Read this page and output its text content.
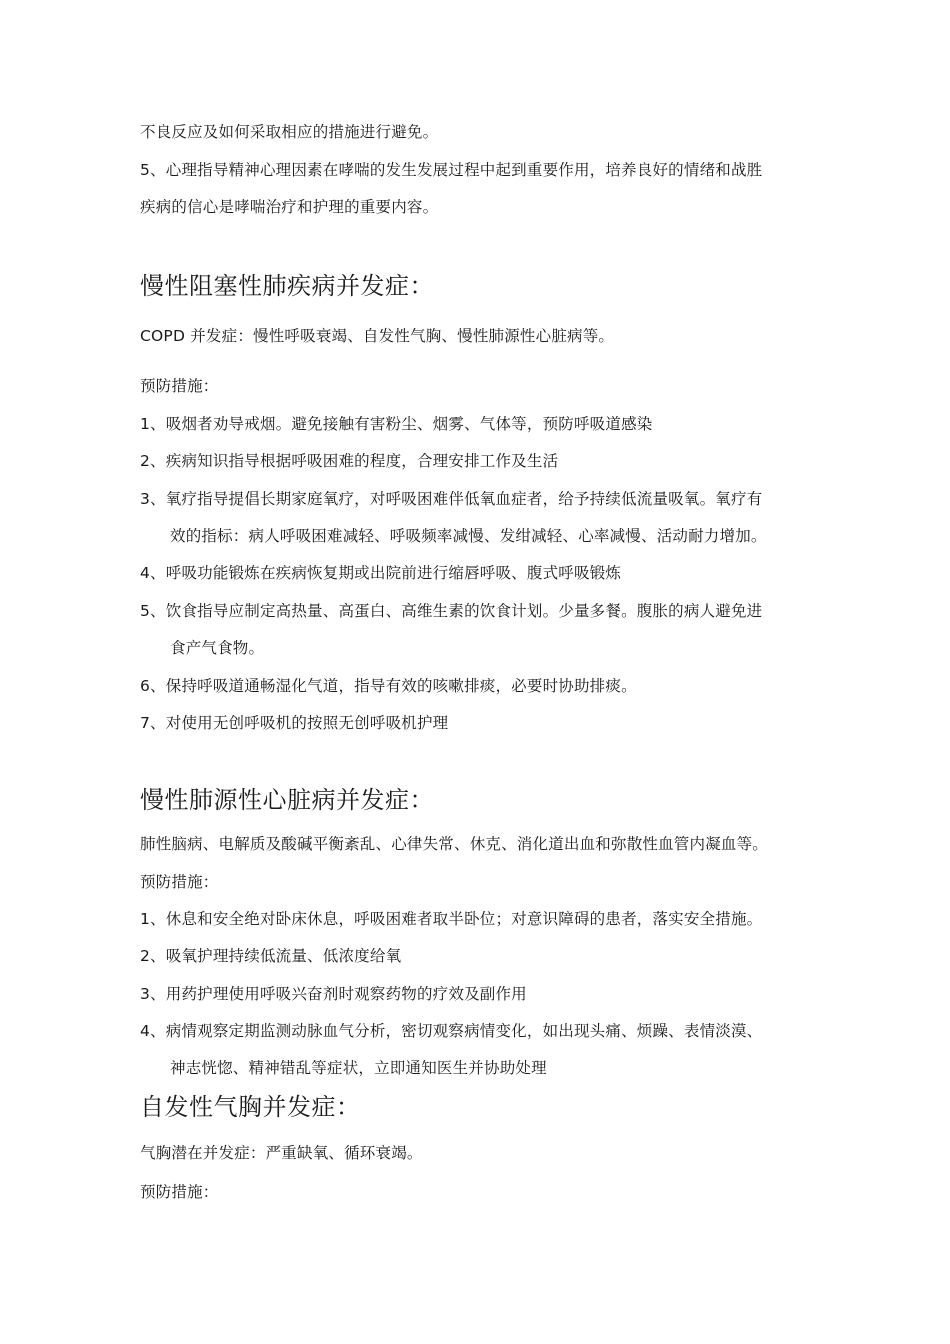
不良反应及如何采取相应的措施进行避免。
5、心理指导精神心理因素在哮喘的发生发展过程中起到重要作用，培养良好的情绪和战胜
疾病的信心是哮喘治疗和护理的重要内容。
慢性阻塞性肺疾病并发症：
COPD 并发症：慢性呼吸衰竭、自发性气胸、慢性肺源性心脏病等。
预防措施：
1、吸烟者劝导戒烟。避免接触有害粉尘、烟雾、气体等，预防呼吸道感染
2、疾病知识指导根据呼吸困难的程度，合理安排工作及生活
3、氧疗指导提倡长期家庭氧疗，对呼吸困难伴低氧血症者，给予持续低流量吸氧。氧疗有
效的指标：病人呼吸困难减轻、呼吸频率减慢、发绀减轻、心率减慢、活动耐力增加。
4、呼吸功能锻炼在疾病恢复期或出院前进行缩唇呼吸、腹式呼吸锻炼
5、饮食指导应制定高热量、高蛋白、高维生素的饮食计划。少量多餐。腹胀的病人避免进
食产气食物。
6、保持呼吸道通畅湿化气道，指导有效的咳嗽排痰，必要时协助排痰。
7、对使用无创呼吸机的按照无创呼吸机护理
慢性肺源性心脏病并发症：
肺性脑病、电解质及酸碱平衡紊乱、心律失常、休克、消化道出血和弥散性血管内凝血等。
预防措施：
1、休息和安全绝对卧床休息，呼吸困难者取半卧位；对意识障碍的患者，落实安全措施。
2、吸氧护理持续低流量、低浓度给氧
3、用药护理使用呼吸兴奋剂时观察药物的疗效及副作用
4、病情观察定期监测动脉血气分析，密切观察病情变化，如出现头痛、烦躁、表情淡漠、
神志恍惚、精神错乱等症状，立即通知医生并协助处理
自发性气胸并发症：
气胸潜在并发症：严重缺氧、循环衰竭。
预防措施：
